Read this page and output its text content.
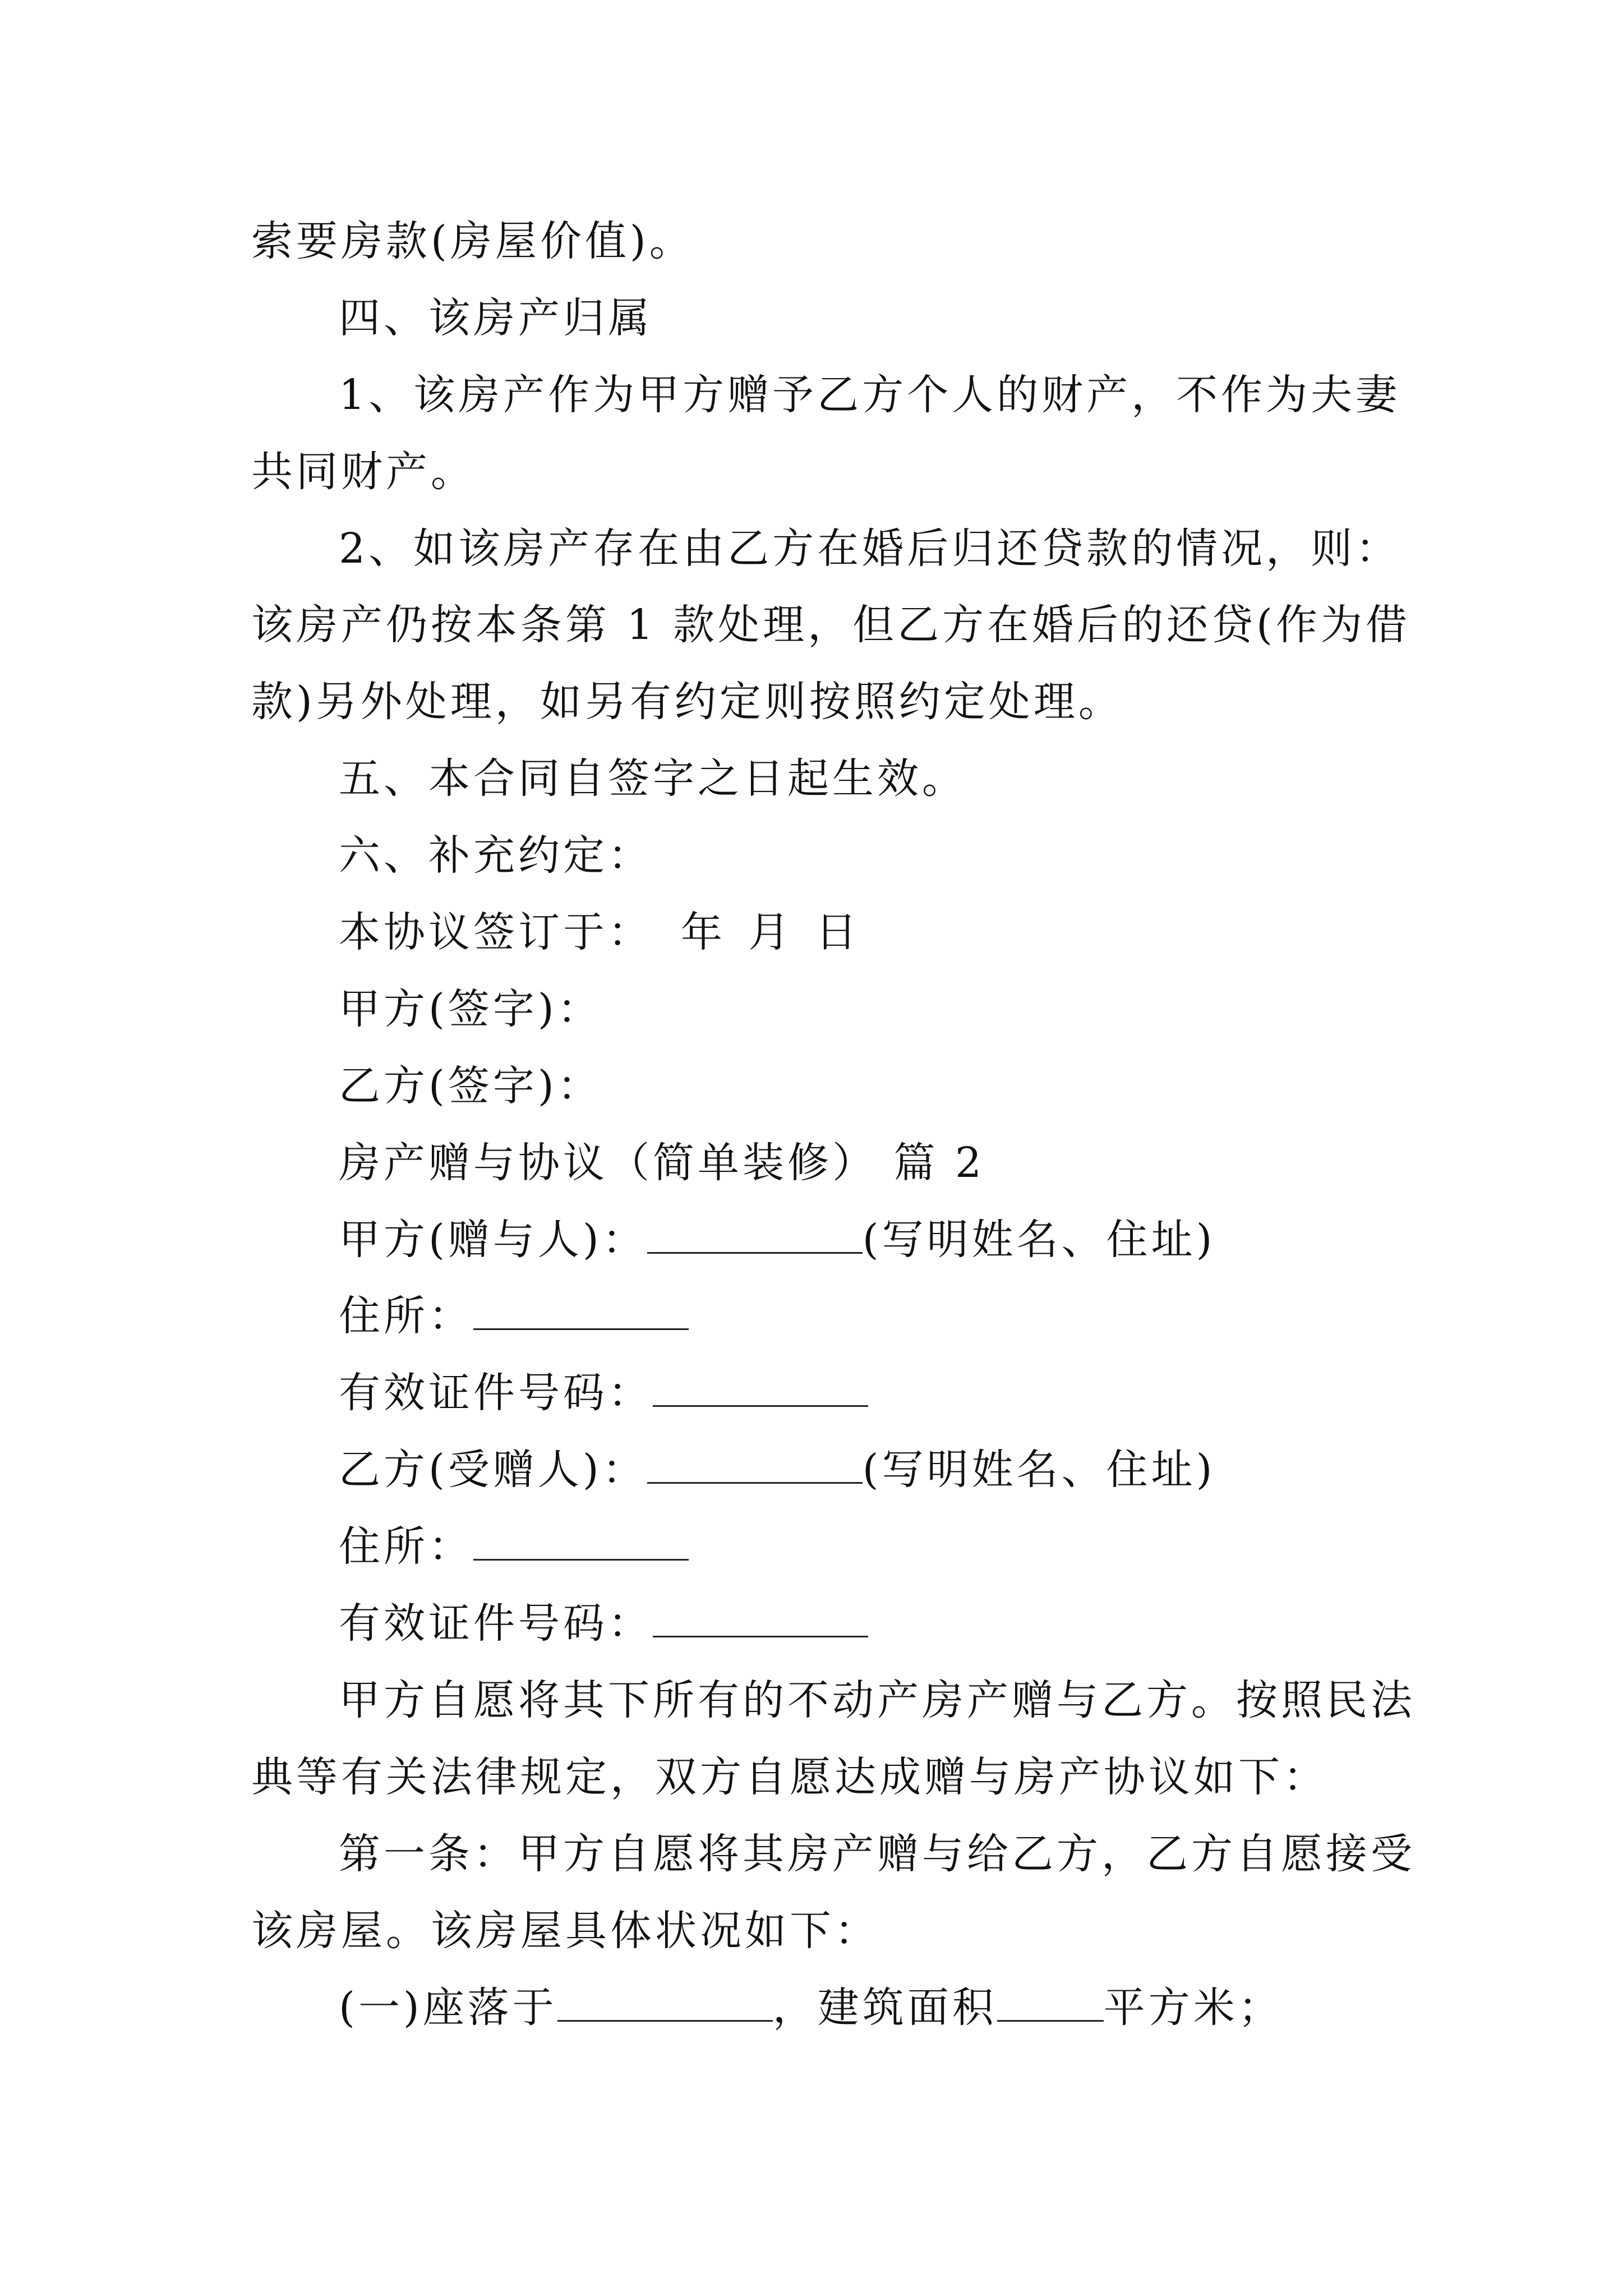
索要房款(房屋价值)。
四、该房产归属
1、该房产作为甲方赠予乙方个人的财产，不作为夫妻
共同财产。
2、如该房产存在由乙方在婚后归还贷款的情况，则：
该房产仍按本条第 1 款处理，但乙方在婚后的还贷(作为借
款)另外处理，如另有约定则按照约定处理。
五、本合同自签字之日起生效。
六、补充约定：
本协议签订于： 年 月 日
甲方(签字)：
乙方(签字)：
房产赠与协议（简单装修） 篇 2
甲方(赠与人)：	(写明姓名、住址)
住所：
有效证件号码：
乙方(受赠人)：	(写明姓名、住址)
住所：
有效证件号码：
甲方自愿将其下所有的不动产房产赠与乙方。按照民法
典等有关法律规定，双方自愿达成赠与房产协议如下：
第一条：甲方自愿将其房产赠与给乙方，乙方自愿接受
该房屋。该房屋具体状况如下：
(一)座落于	，建筑面积	平方米；
